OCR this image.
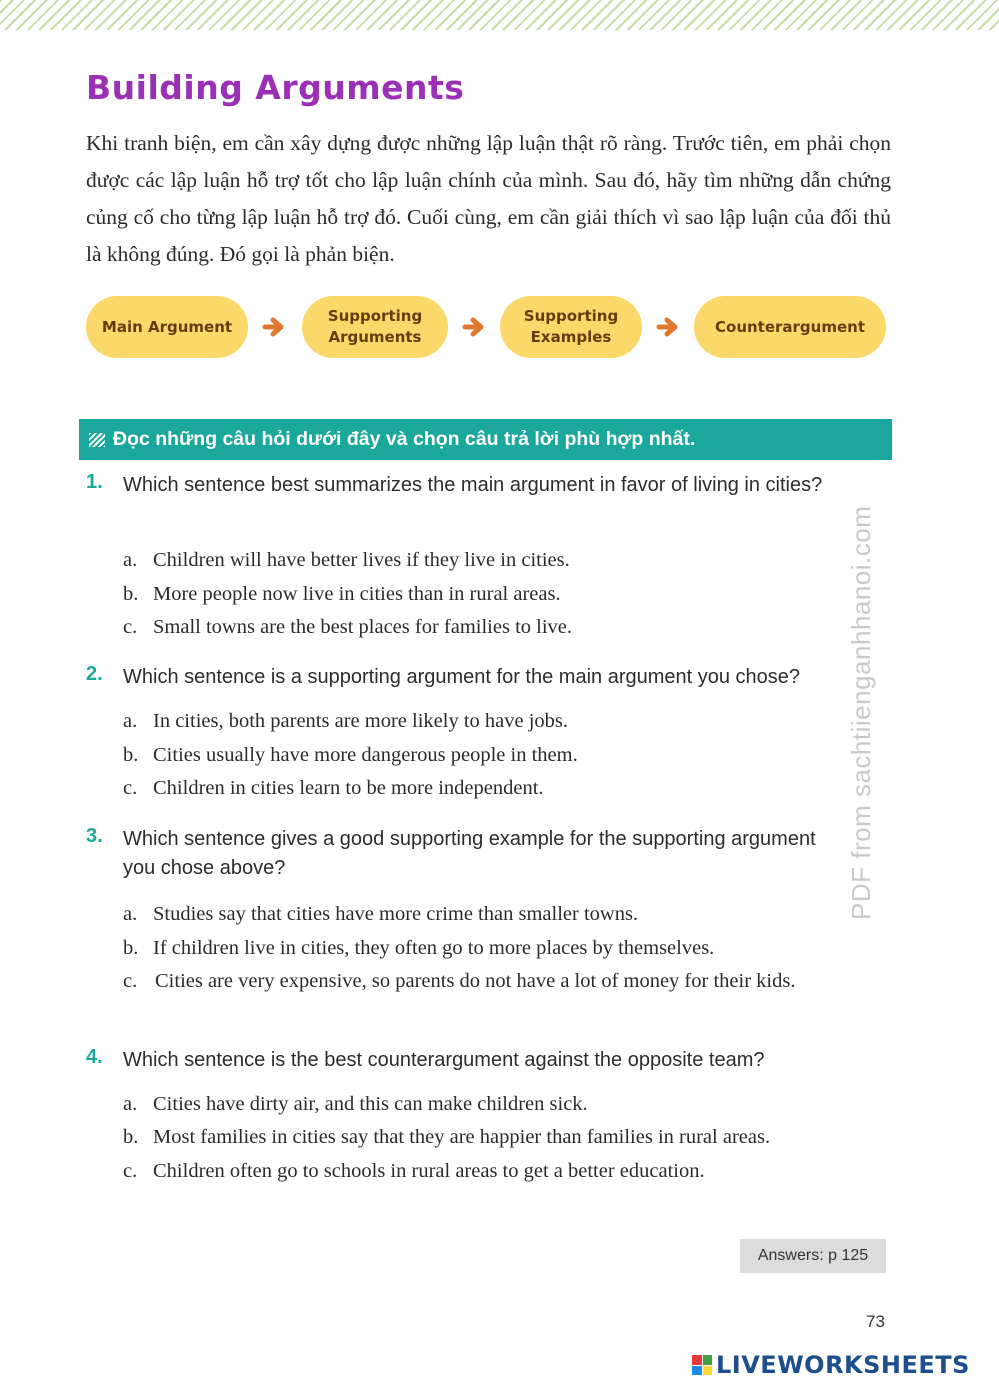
Building Arguments
Khi tranh biện, em cần xây dựng được những lập luận thật rõ ràng. Trước tiên, em phải chọn được các lập luận hỗ trợ tốt cho lập luận chính của mình. Sau đó, hãy tìm những dẫn chứng củng cố cho từng lập luận hỗ trợ đó. Cuối cùng, em cần giải thích vì sao lập luận của đối thủ là không đúng. Đó gọi là phản biện.
Main Argument
Supporting
Arguments
Supporting
Examples
Counterargument
Đọc những câu hỏi dưới đây và chọn câu trả lời phù hợp nhất.
1. Which sentence best summarizes the main argument in favor of living in cities?
a. Children will have better lives if they live in cities.
b. More people now live in cities than in rural areas.
c. Small towns are the best places for families to live.
2. Which sentence is a supporting argument for the main argument you chose?
a. In cities, both parents are more likely to have jobs.
b. Cities usually have more dangerous people in them.
c. Children in cities learn to be more independent.
3. Which sentence gives a good supporting example for the supporting argument you chose above?
a. Studies say that cities have more crime than smaller towns.
b. If children live in cities, they often go to more places by themselves.
c. Cities are very expensive, so parents do not have a lot of money for their kids.
4. Which sentence is the best counterargument against the opposite team?
a. Cities have dirty air, and this can make children sick.
b. Most families in cities say that they are happier than families in rural areas.
c. Children often go to schools in rural areas to get a better education.
Answers: p 125
73
PDF from sachtiienganhhanoi.com
LIVEWORKSHEETS
